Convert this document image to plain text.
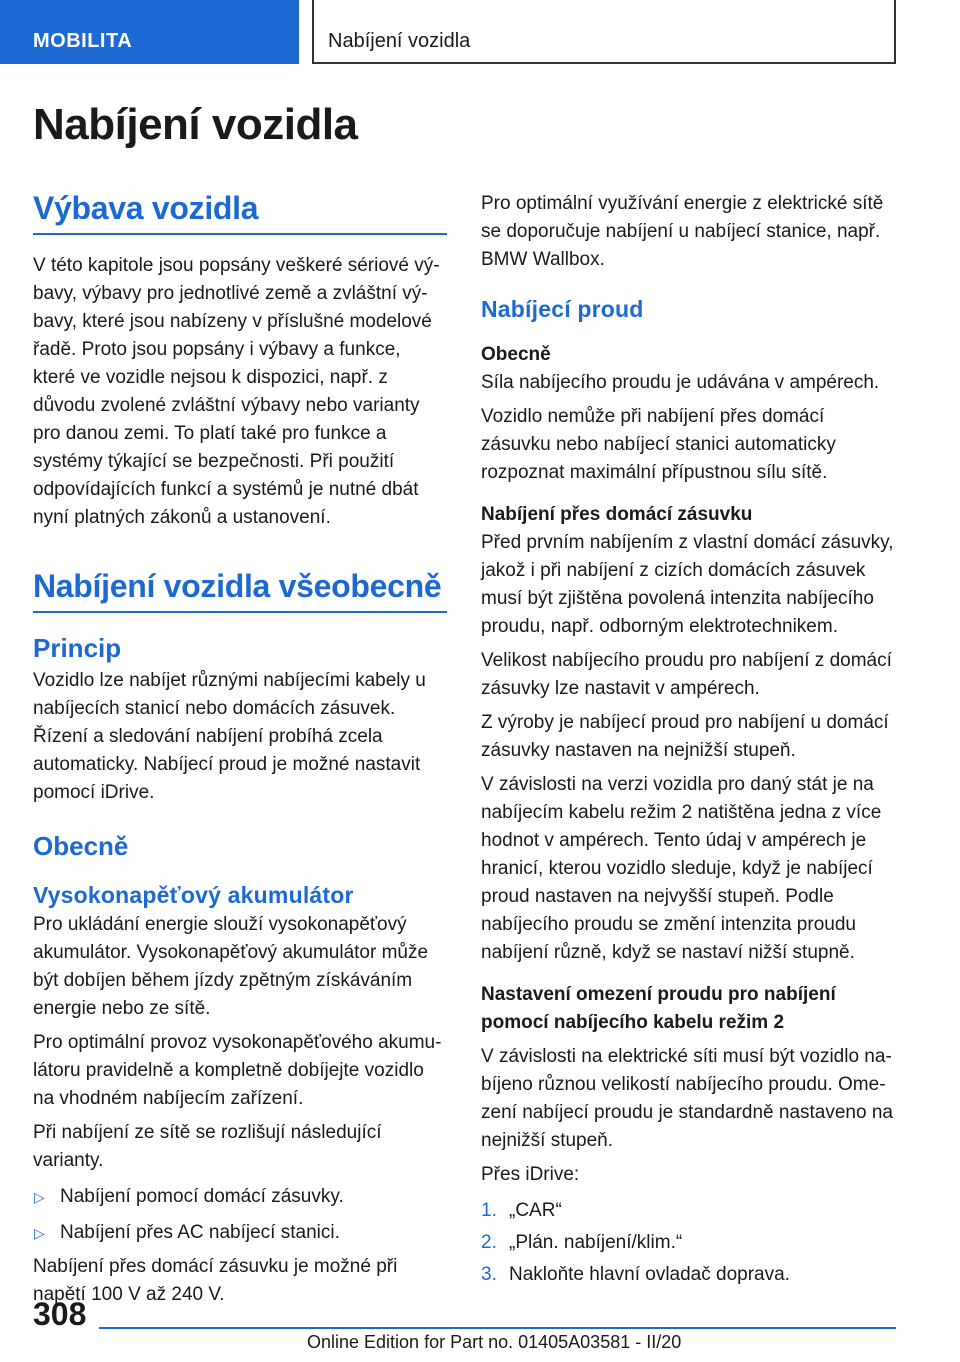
MOBILITA	Nabíjení vozidla
Nabíjení vozidla
Výbava vozidla

V této kapitole jsou popsány veškeré sériové výbavy, výbavy pro jednotlivé země a zvláštní výbavy, které jsou nabízeny v příslušné modelové řadě. Proto jsou popsány i výbavy a funkce, které ve vozidle nejsou k dispozici, např. z důvodu zvolené zvláštní výbavy nebo varianty pro danou zemi. To platí také pro funkce a systémy týkající se bezpečnosti. Při použití odpovídajících funkcí a systémů je nutné dbát nyní platných zákonů a ustanovení.

Nabíjení vozidla všeobecně
Princip

Vozidlo lze nabíjet různými nabíjecími kabely u nabíjecích stanicí nebo domácích zásuvek. Řízení a sledování nabíjení probíhá zcela automaticky. Nabíjecí proud je možné nastavit pomocí iDrive.

Obecně
Vysokonapěťový akumulátor

Pro ukládání energie slouží vysokonapěťový akumulátor. Vysokonapěťový akumulátor může být dobíjen během jízdy zpětným získáváním energie nebo ze sítě.

Pro optimální provoz vysokonapěťového akumulátoru pravidelně a kompletně dobíjejte vozidlo na vhodném nabíjecím zařízení.

Při nabíjení ze sítě se rozlišují následující varianty.

▷ Nabíjení pomocí domácí zásuvky.
▷ Nabíjení přes AC nabíjecí stanici.

Nabíjení přes domácí zásuvku je možné při napětí 100 V až 240 V.

Pro optimální využívání energie z elektrické sítě se doporučuje nabíjení u nabíjecí stanice, např. BMW Wallbox.

Nabíjecí proud
Obecně

Síla nabíjecího proudu je udávána v ampérech.

Vozidlo nemůže při nabíjení přes domácí zásuvku nebo nabíjecí stanici automaticky rozpoznat maximální přípustnou sílu sítě.

Nabíjení přes domácí zásuvku

Před prvním nabíjením z vlastní domácí zásuvky, jakož i při nabíjení z cizích domácích zásuvek musí být zjištěna povolená intenzita nabíjecího proudu, např. odborným elektrotechnikem.

Velikost nabíjecího proudu pro nabíjení z domácí zásuvky lze nastavit v ampérech.

Z výroby je nabíjecí proud pro nabíjení u domácí zásuvky nastaven na nejnižší stupeň.

V závislosti na verzi vozidla pro daný stát je na nabíjecím kabelu režim 2 natištěna jedna z více hodnot v ampérech. Tento údaj v ampérech je hranicí, kterou vozidlo sleduje, když je nabíjecí proud nastaven na nejvyšší stupeň. Podle nabíjecího proudu se změní intenzita proudu nabíjení různě, když se nastaví nižší stupně.

Nastavení omezení proudu pro nabíjení pomocí nabíjecího kabelu režim 2

V závislosti na elektrické síti musí být vozidlo nabíjeno různou velikostí nabíjecího proudu. Omezení nabíjecí proudu je standardně nastaveno na nejnižší stupeň.

Přes iDrive:

1. „CAR“
2. „Plán. nabíjení/klim.“
3. Nakloňte hlavní ovladač doprava.
308
Online Edition for Part no. 01405A03581 - II/20
